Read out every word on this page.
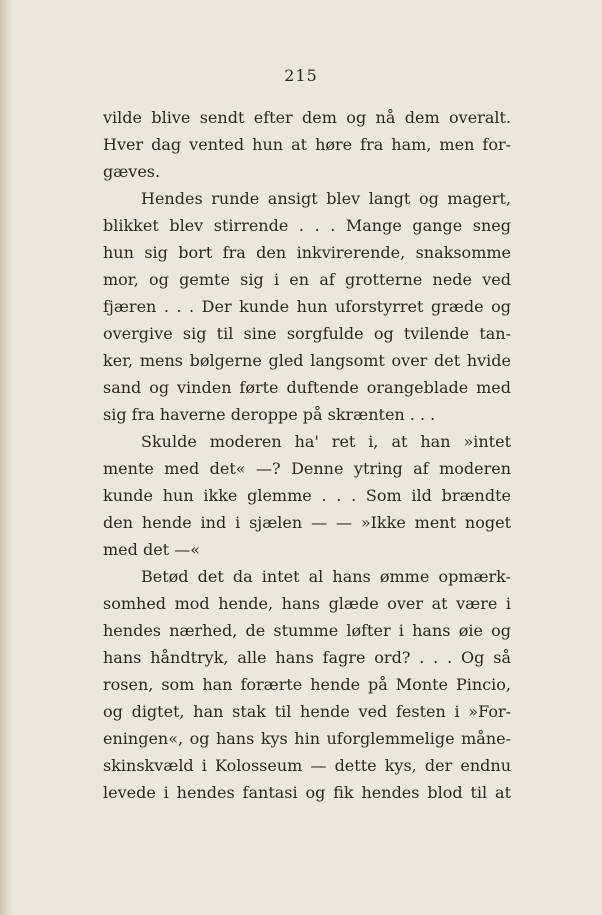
215
vilde blive sendt efter dem og nå dem overalt.
Hver dag vented hun at høre fra ham, men for-
gæves.
Hendes runde ansigt blev langt og magert,
blikket blev stirrende . . . Mange gange sneg
hun sig bort fra den inkvirerende, snaksomme
mor, og gemte sig i en af grotterne nede ved
fjæren . . . Der kunde hun uforstyrret græde og
overgive sig til sine sorgfulde og tvilende tan-
ker, mens bølgerne gled langsomt over det hvide
sand og vinden førte duftende orangeblade med
sig fra haverne deroppe på skrænten . . .
Skulde moderen ha' ret i, at han »intet
mente med det« —? Denne ytring af moderen
kunde hun ikke glemme . . . Som ild brændte
den hende ind i sjælen — — »Ikke ment noget
med det —«
Betød det da intet al hans ømme opmærk-
somhed mod hende, hans glæde over at være i
hendes nærhed, de stumme løfter i hans øie og
hans håndtryk, alle hans fagre ord? . . . Og så
rosen, som han forærte hende på Monte Pincio,
og digtet, han stak til hende ved festen i »For-
eningen«, og hans kys hin uforglemmelige måne-
skinskvæld i Kolosseum — dette kys, der endnu
levede i hendes fantasi og fik hendes blod til at
